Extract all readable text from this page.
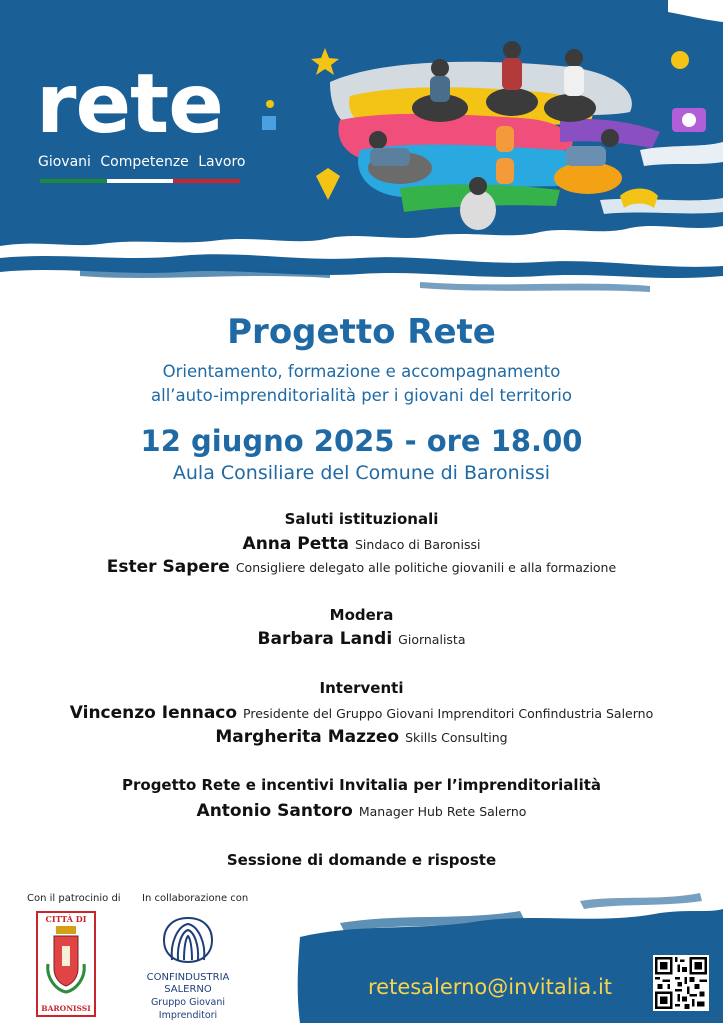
rete
Giovani Competenze Lavoro
Progetto Rete
Orientamento, formazione e accompagnamento
all’auto-imprenditorialità per i giovani del territorio
12 giugno 2025 - ore 18.00
Aula Consiliare del Comune di Baronissi
Saluti istituzionali
Anna Petta Sindaco di Baronissi
Ester Sapere Consigliere delegato alle politiche giovanili e alla formazione
Modera
Barbara Landi Giornalista
Interventi
Vincenzo Iennaco Presidente del Gruppo Giovani Imprenditori Confindustria Salerno
Margherita Mazzeo Skills Consulting
Progetto Rete e incentivi Invitalia per l’imprenditorialità
Antonio Santoro Manager Hub Rete Salerno
Sessione di domande e risposte
Con il patrocinio di In collaborazione con
CITTÀ DI
BARONISSI
CONFINDUSTRIA
SALERNO
Gruppo Giovani Imprenditori
retesalerno@invitalia.it
